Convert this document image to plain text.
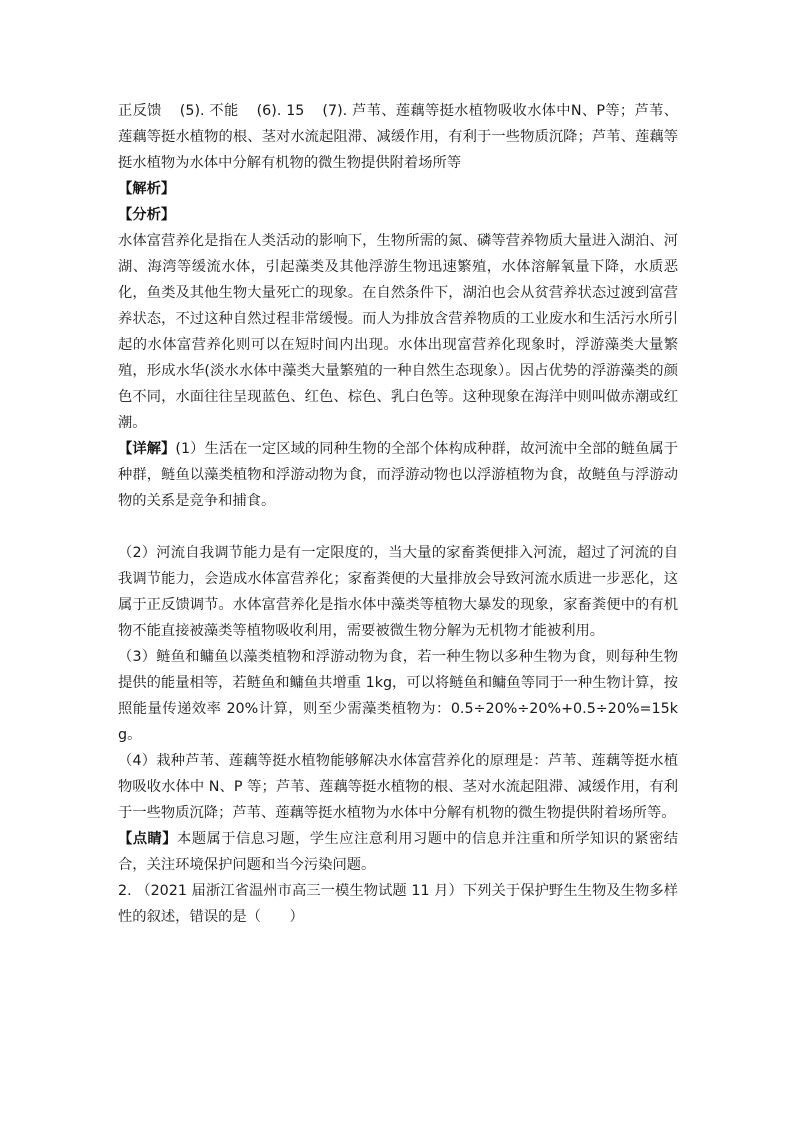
正反馈 (5). 不能 (6). 15 (7). 芦苇、莲藕等挺水植物吸收水体中N、P等；芦苇、莲藕等挺水植物的根、茎对水流起阻滞、减缓作用，有利于一些物质沉降；芦苇、莲藕等挺水植物为水体中分解有机物的微生物提供附着场所等

【解析】

【分析】

水体富营养化是指在人类活动的影响下，生物所需的氮、磷等营养物质大量进入湖泊、河湖、海湾等缓流水体，引起藻类及其他浮游生物迅速繁殖，水体溶解氧量下降，水质恶化，鱼类及其他生物大量死亡的现象。在自然条件下，湖泊也会从贫营养状态过渡到富营养状态，不过这种自然过程非常缓慢。而人为排放含营养物质的工业废水和生活污水所引起的水体富营养化则可以在短时间内出现。水体出现富营养化现象时，浮游藻类大量繁殖，形成水华(淡水水体中藻类大量繁殖的一种自然生态现象）。因占优势的浮游藻类的颜色不同，水面往往呈现蓝色、红色、棕色、乳白色等。这种现象在海洋中则叫做赤潮或红潮。

【详解】(1）生活在一定区域的同种生物的全部个体构成种群，故河流中全部的鲢鱼属于种群，鲢鱼以藻类植物和浮游动物为食，而浮游动物也以浮游植物为食，故鲢鱼与浮游动物的关系是竞争和捕食。

（2）河流自我调节能力是有一定限度的，当大量的家畜粪便排入河流，超过了河流的自我调节能力，会造成水体富营养化；家畜粪便的大量排放会导致河流水质进一步恶化，这属于正反馈调节。水体富营养化是指水体中藻类等植物大暴发的现象，家畜粪便中的有机物不能直接被藻类等植物吸收利用，需要被微生物分解为无机物才能被利用。

（3）鲢鱼和鳙鱼以藻类植物和浮游动物为食，若一种生物以多种生物为食，则每种生物提供的能量相等，若鲢鱼和鳙鱼共增重 1kg，可以将鲢鱼和鳙鱼等同于一种生物计算，按照能量传递效率 20%计算，则至少需藻类植物为：0.5÷20%÷20%+0.5÷20%=15kg。

（4）栽种芦苇、莲藕等挺水植物能够解决水体富营养化的原理是：芦苇、莲藕等挺水植物吸收水体中 N、P 等；芦苇、莲藕等挺水植物的根、茎对水流起阻滞、减缓作用，有利于一些物质沉降；芦苇、莲藕等挺水植物为水体中分解有机物的微生物提供附着场所等。

【点睛】本题属于信息习题，学生应注意利用习题中的信息并注重和所学知识的紧密结合，关注环境保护问题和当今污染问题。

2. （2021 届浙江省温州市高三一模生物试题 11 月）下列关于保护野生生物及生物多样性的叙述，错误的是（　　）
